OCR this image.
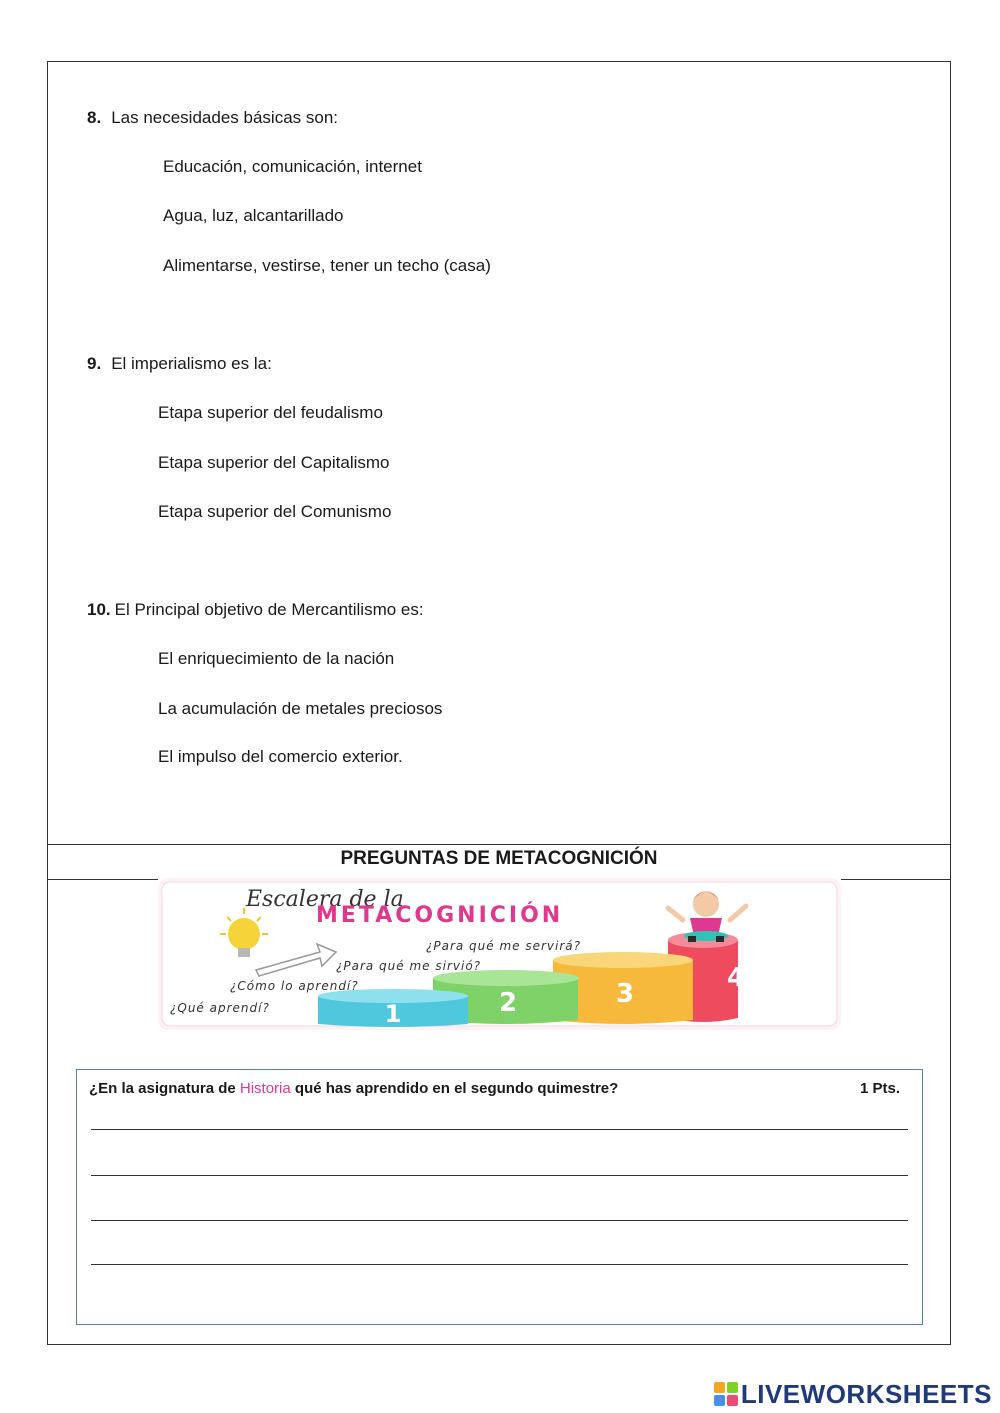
8. Las necesidades básicas son:
Educación, comunicación, internet
Agua, luz, alcantarillado
Alimentarse, vestirse, tener un techo (casa)
9. El imperialismo es la:
Etapa superior del feudalismo
Etapa superior del Capitalismo
Etapa superior del Comunismo
10. El Principal objetivo de Mercantilismo es:
El enriquecimiento de la nación
La acumulación de metales preciosos
El impulso del comercio exterior.
PREGUNTAS DE METACOGNICIÓN
Escalera de la
METACOGNICIÓN
4
3
2
1
¿Para qué me servirá?
¿Para qué me sirvió?
¿Cómo lo aprendí?
¿Qué aprendí?
¿En la asignatura de Historia qué has aprendido en el segundo quimestre?	1 Pts.
LIVEWORKSHEETS
